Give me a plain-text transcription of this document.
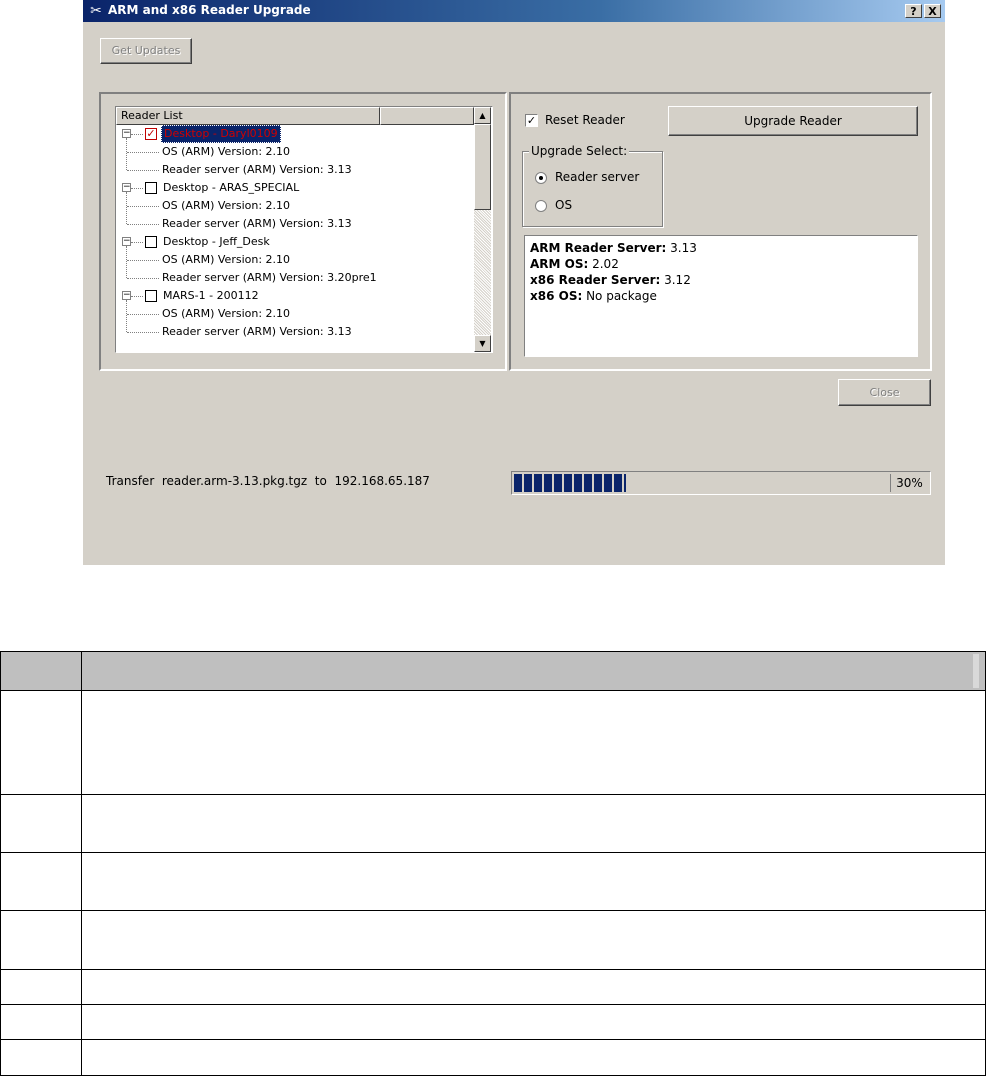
✂ ARM and x86 Reader Upgrade	?	X
Get Updates
Reader List
− ✓ Desktop - Daryl0109
OS (ARM) Version: 2.10
Reader server (ARM) Version: 3.13
−	Desktop - ARAS_SPECIAL
OS (ARM) Version: 2.10
Reader server (ARM) Version: 3.13
−	Desktop - Jeff_Desk
OS (ARM) Version: 2.10
Reader server (ARM) Version: 3.20pre1
−	MARS-1 - 200112
OS (ARM) Version: 2.10
Reader server (ARM) Version: 3.13
▲
▼
✓ Reset Reader	Upgrade Reader
Upgrade Select:
Reader server
OS
ARM Reader Server: 3.13
ARM OS: 2.02
x86 Reader Server: 3.12
x86 OS: No package
Close
Transfer  reader.arm-3.13.pkg.tgz  to  192.168.65.187	30%
